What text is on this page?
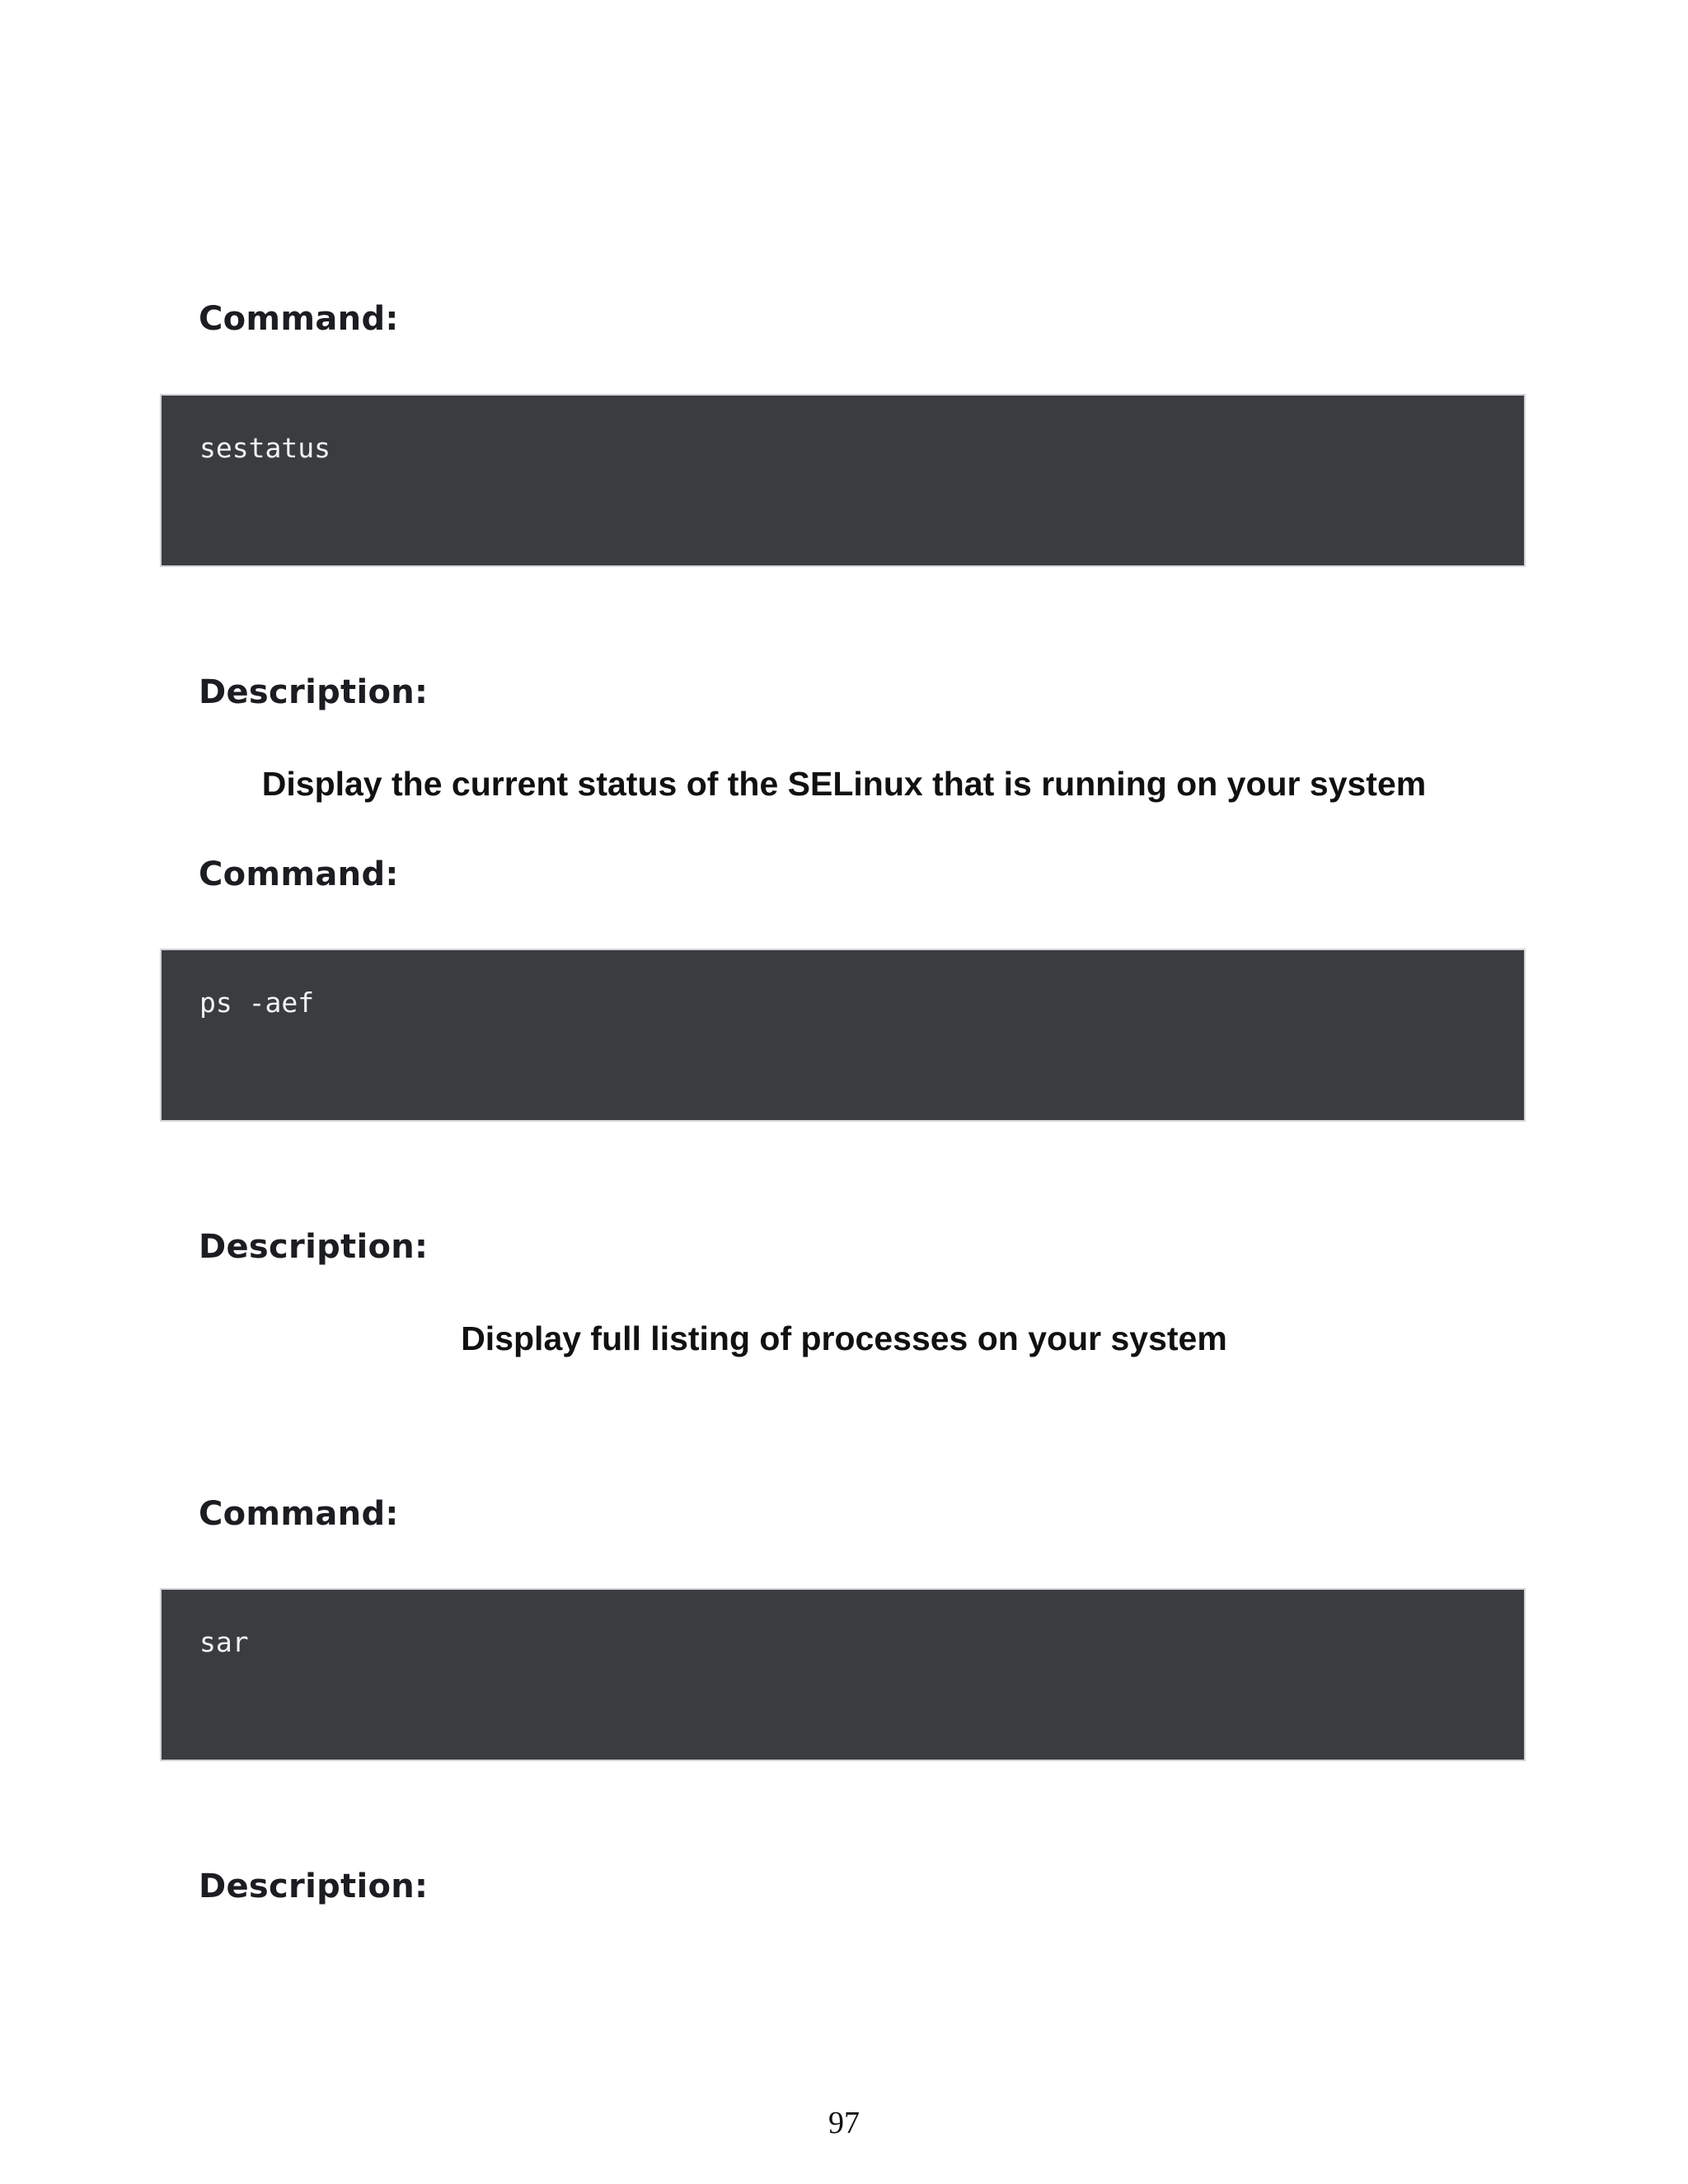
Command:
sestatus
Description:

Display the current status of the SELinux that is running on your system

Command:
ps -aef
Description:

Display full listing of processes on your system

Command:
sar
Description:

97
